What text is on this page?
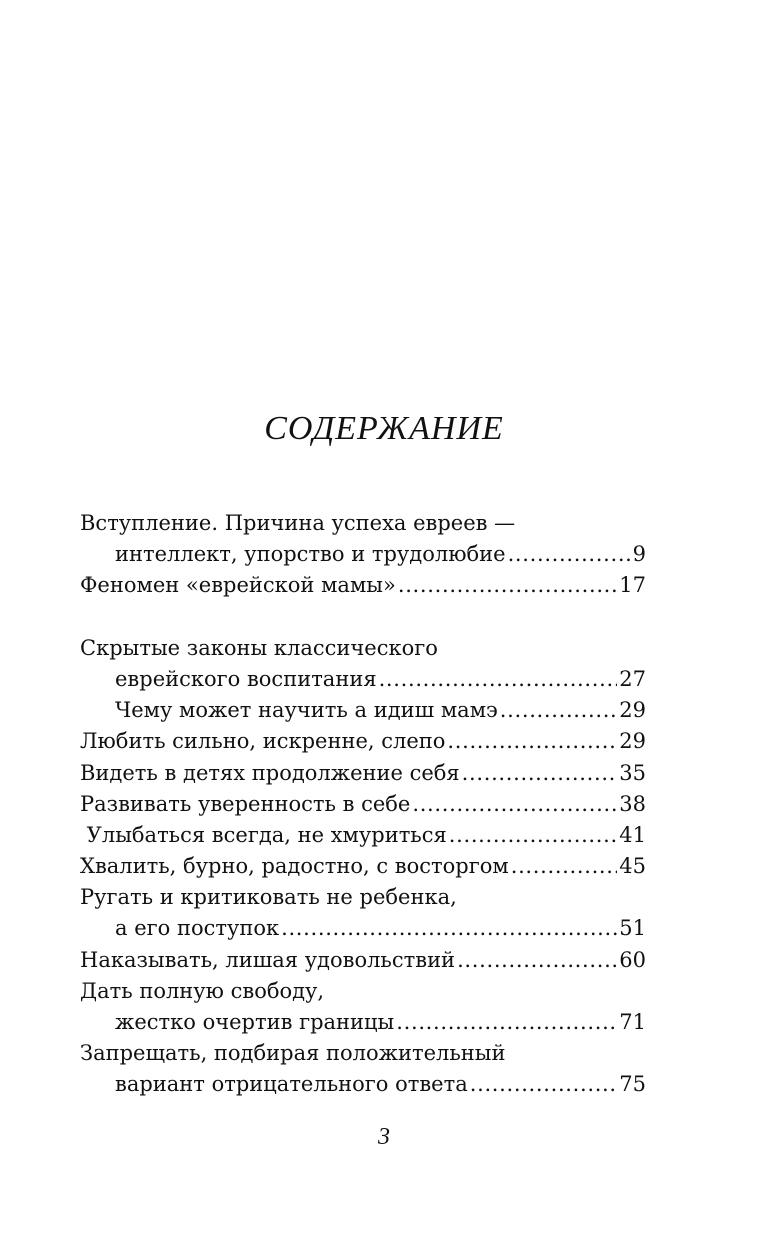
СОДЕРЖАНИЕ
Вступление. Причина успеха евреев —
интеллект, упорство и трудолюбие . . .	9
Феномен «еврейской мамы» . . .	17
Скрытые законы классического
еврейского воспитания . . .	27
Чему может научить а идиш мамэ . . .	29
Любить сильно, искренне, слепо . . .	29
Видеть в детях продолжение себя . . .	35
Развивать уверенность в себе . . .	38
Улыбаться всегда, не хмуриться . . .	41
Хвалить, бурно, радостно, с восторгом . . .	45
Ругать и критиковать не ребенка,
а его поступок . . .	51
Наказывать, лишая удовольствий . . .	60
Дать полную свободу,
жестко очертив границы . . .	71
Запрещать, подбирая положительный
вариант отрицательного ответа . . .	75
3
